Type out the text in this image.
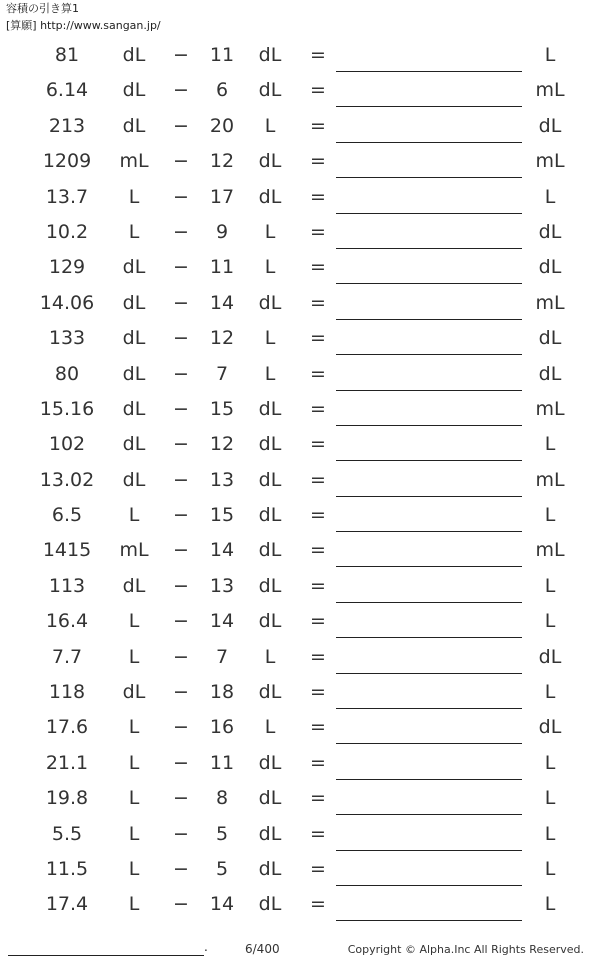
容積の引き算1
[算願] http://www.sangan.jp/
81	dL	−	11	dL	=	L
6.14	dL	−	6	dL	=	mL
213	dL	−	20	L	=	dL
1209	mL	−	12	dL	=	mL
13.7	L	−	17	dL	=	L
10.2	L	−	9	L	=	dL
129	dL	−	11	L	=	dL
14.06	dL	−	14	dL	=	mL
133	dL	−	12	L	=	dL
80	dL	−	7	L	=	dL
15.16	dL	−	15	dL	=	mL
102	dL	−	12	dL	=	L
13.02	dL	−	13	dL	=	mL
6.5	L	−	15	dL	=	L
1415	mL	−	14	dL	=	mL
113	dL	−	13	dL	=	L
16.4	L	−	14	dL	=	L
7.7	L	−	7	L	=	dL
118	dL	−	18	dL	=	L
17.6	L	−	16	L	=	dL
21.1	L	−	11	dL	=	L
19.8	L	−	8	dL	=	L
5.5	L	−	5	dL	=	L
11.5	L	−	5	dL	=	L
17.4	L	−	14	dL	=	L
.	6/400	Copyright © Alpha.Inc All Rights Reserved.
